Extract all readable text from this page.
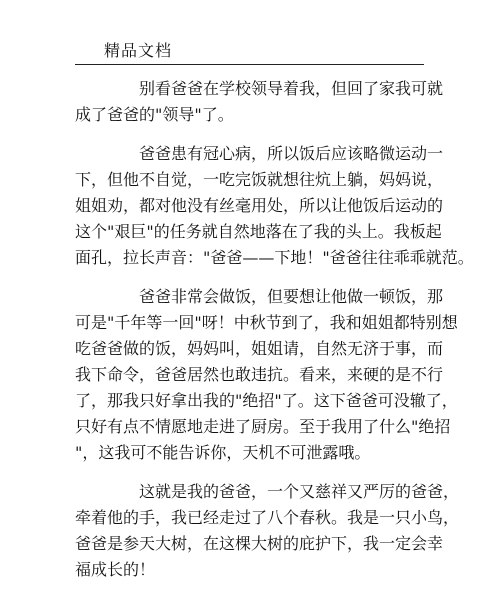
精品文档

别看爸爸在学校领导着我，但回了家我可就
成了爸爸的"领导"了。

爸爸患有冠心病，所以饭后应该略微运动一
下，但他不自觉，一吃完饭就想往炕上躺，妈妈说，
姐姐劝，都对他没有丝毫用处，所以让他饭后运动的
这个"艰巨"的任务就自然地落在了我的头上。我板起
面孔，拉长声音："爸爸——下地！"爸爸往往乖乖就范。

爸爸非常会做饭，但要想让他做一顿饭，那
可是"千年等一回"呀！中秋节到了，我和姐姐都特别想
吃爸爸做的饭，妈妈叫，姐姐请，自然无济于事，而
我下命令，爸爸居然也敢违抗。看来，来硬的是不行
了，那我只好拿出我的"绝招"了。这下爸爸可没辙了，
只好有点不情愿地走进了厨房。至于我用了什么"绝招
"，这我可不能告诉你，天机不可泄露哦。

这就是我的爸爸，一个又慈祥又严厉的爸爸，
牵着他的手，我已经走过了八个春秋。我是一只小鸟，
爸爸是参天大树，在这棵大树的庇护下，我一定会幸
福成长的！
